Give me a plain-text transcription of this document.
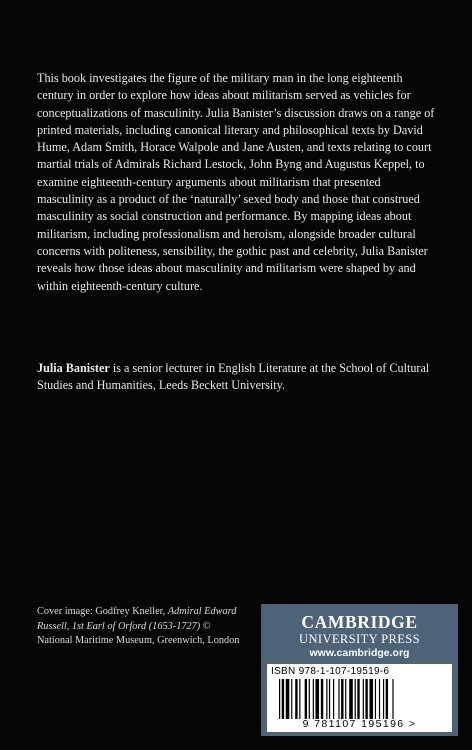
This book investigates the figure of the military man in the long eighteenth century in order to explore how ideas about militarism served as vehicles for conceptualizations of masculinity. Julia Banister’s discussion draws on a range of printed materials, including canonical literary and philosophical texts by David Hume, Adam Smith, Horace Walpole and Jane Austen, and texts relating to court martial trials of Admirals Richard Lestock, John Byng and Augustus Keppel, to examine eighteenth-century arguments about militarism that presented masculinity as a product of the ‘naturally’ sexed body and those that construed masculinity as social construction and performance. By mapping ideas about militarism, including professionalism and heroism, alongside broader cultural concerns with politeness, sensibility, the gothic past and celebrity, Julia Banister reveals how those ideas about masculinity and militarism were shaped by and within eighteenth-century culture.

Julia Banister is a senior lecturer in English Literature at the School of Cultural Studies and Humanities, Leeds Beckett University.

Cover image: Godfrey Kneller, Admiral Edward Russell, 1st Earl of Orford (1653-1727) © National Maritime Museum, Greenwich, London

CAMBRIDGE
UNIVERSITY PRESS
www.cambridge.org
ISBN 978-1-107-19519-6
9 781107 195196 >
